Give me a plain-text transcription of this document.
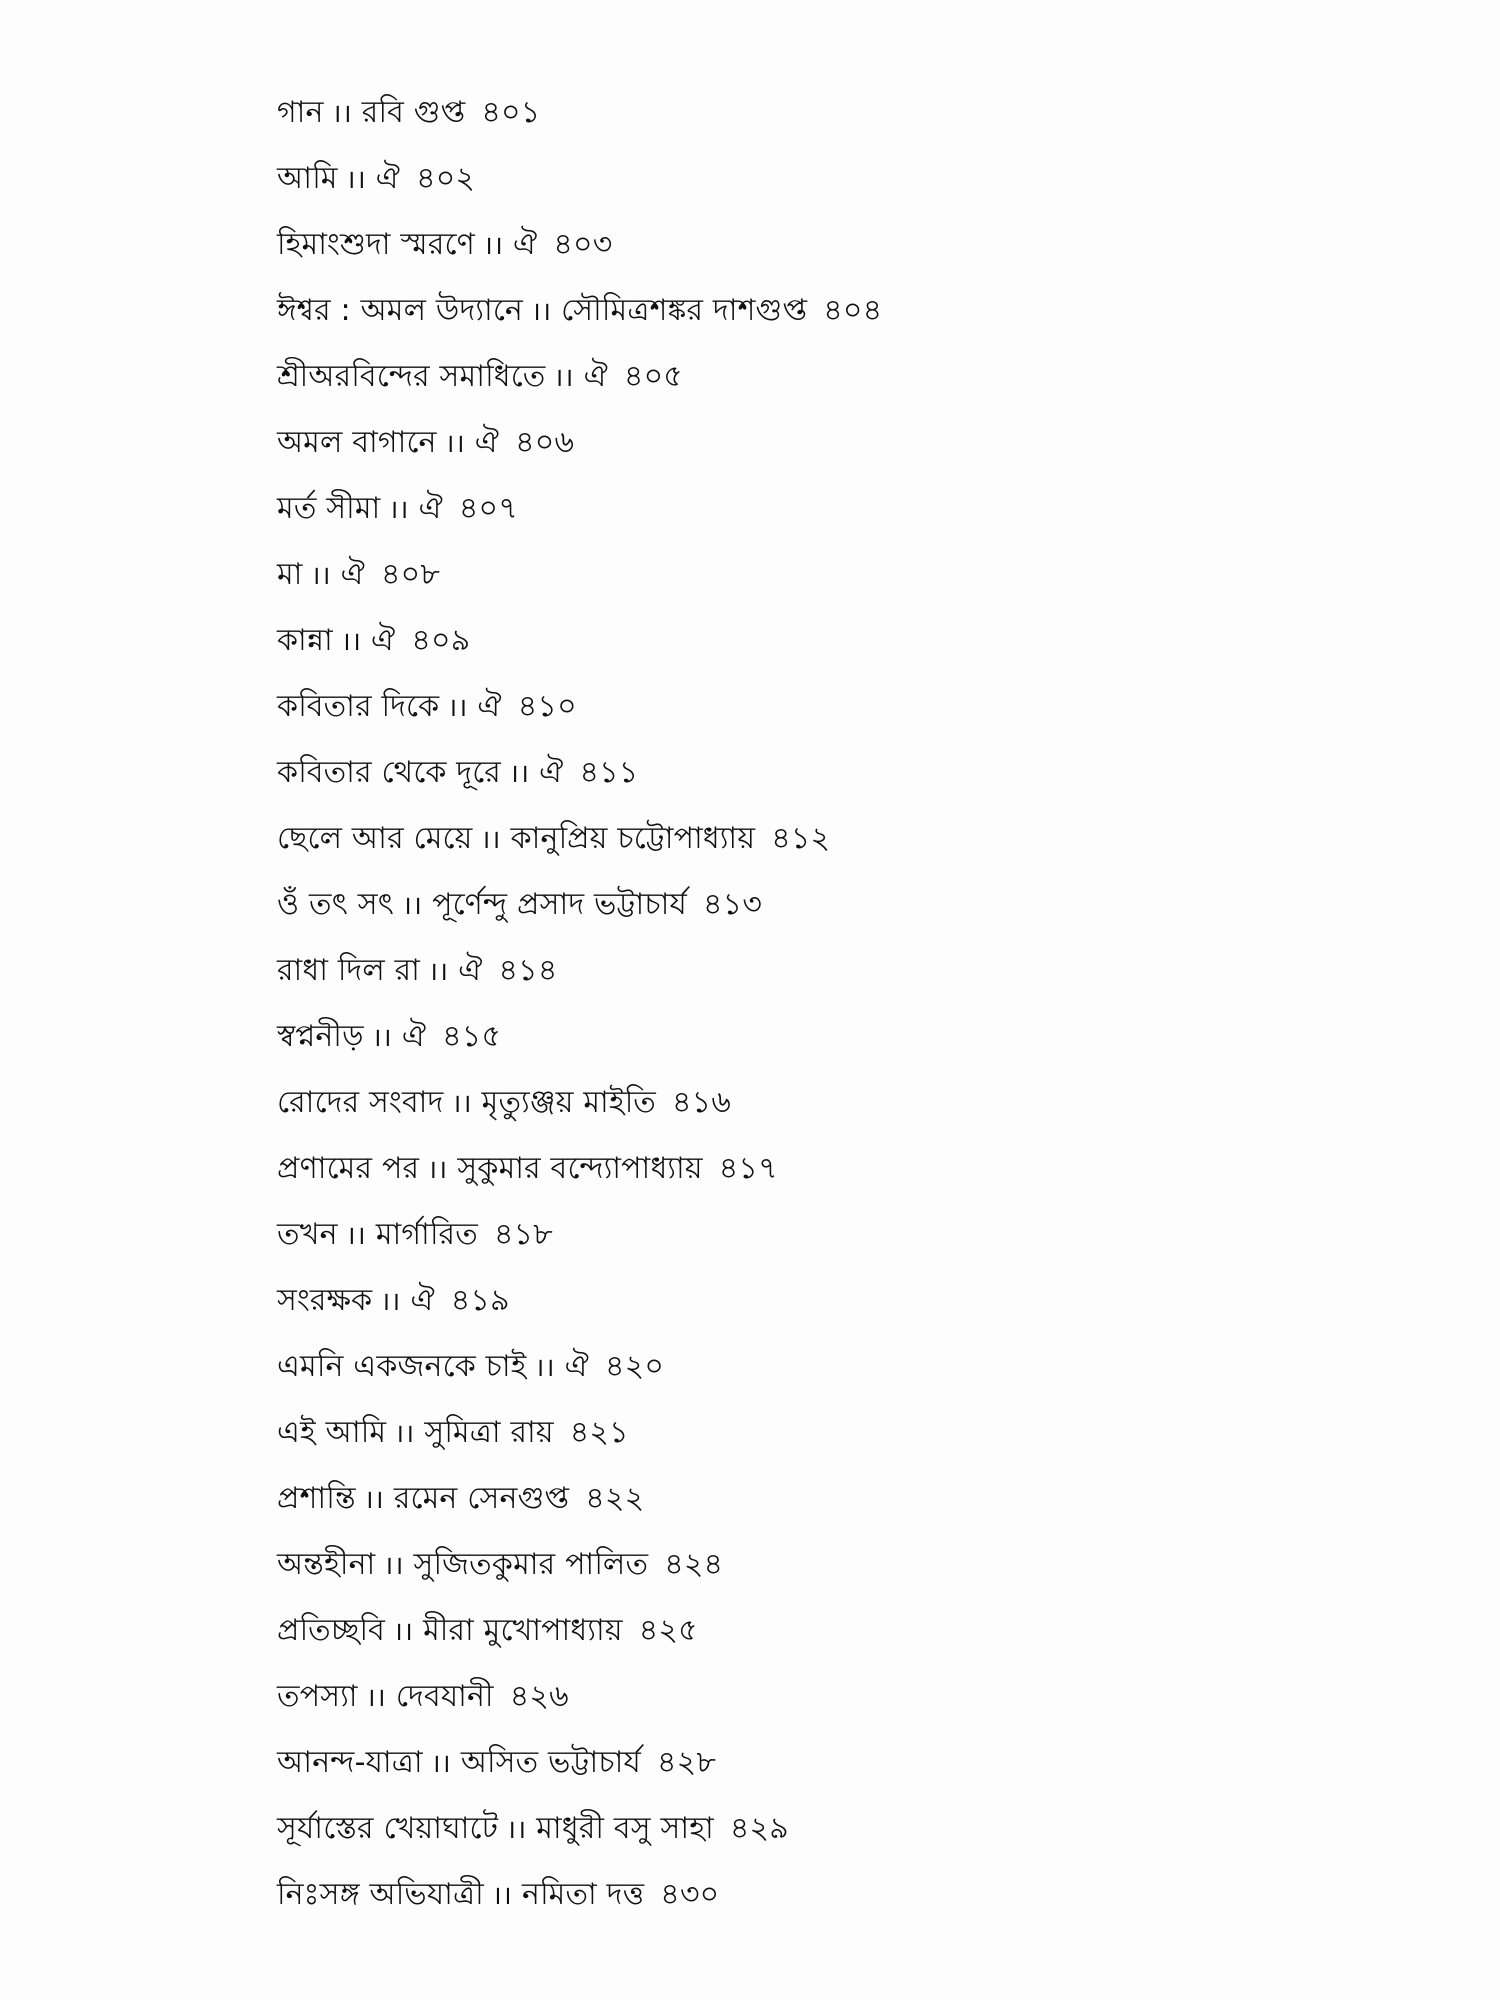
গান ।। রবি গুপ্ত ৪০১
আমি ।। ঐ ৪০২
হিমাংশুদা স্মরণে ।। ঐ ৪০৩
ঈশ্বর : অমল উদ্যানে ।। সৌমিত্রশঙ্কর দাশগুপ্ত ৪০৪
শ্রীঅরবিন্দের সমাধিতে ।। ঐ ৪০৫
অমল বাগানে ।। ঐ ৪০৬
মর্ত সীমা ।। ঐ ৪০৭
মা ।। ঐ ৪০৮
কান্না ।। ঐ ৪০৯
কবিতার দিকে ।। ঐ ৪১০
কবিতার থেকে দূরে ।। ঐ ৪১১
ছেলে আর মেয়ে ।। কানুপ্রিয় চট্টোপাধ্যায় ৪১২
ওঁ তৎ সৎ ।। পূর্ণেন্দু প্রসাদ ভট্টাচার্য ৪১৩
রাধা দিল রা ।। ঐ ৪১৪
স্বপ্ননীড় ।। ঐ ৪১৫
রোদের সংবাদ ।। মৃত্যুঞ্জয় মাইতি ৪১৬
প্রণামের পর ।। সুকুমার বন্দ্যোপাধ্যায় ৪১৭
তখন ।। মার্গারিত ৪১৮
সংরক্ষক ।। ঐ ৪১৯
এমনি একজনকে চাই ।। ঐ ৪২০
এই আমি ।। সুমিত্রা রায় ৪২১
প্রশান্তি ।। রমেন সেনগুপ্ত ৪২২
অন্তহীনা ।। সুজিতকুমার পালিত ৪২৪
প্রতিচ্ছবি ।। মীরা মুখোপাধ্যায় ৪২৫
তপস্যা ।। দেবযানী ৪২৬
আনন্দ-যাত্রা ।। অসিত ভট্টাচার্য ৪২৮
সূর্যাস্তের খেয়াঘাটে ।। মাধুরী বসু সাহা ৪২৯
নিঃসঙ্গ অভিযাত্রী ।। নমিতা দত্ত ৪৩০
